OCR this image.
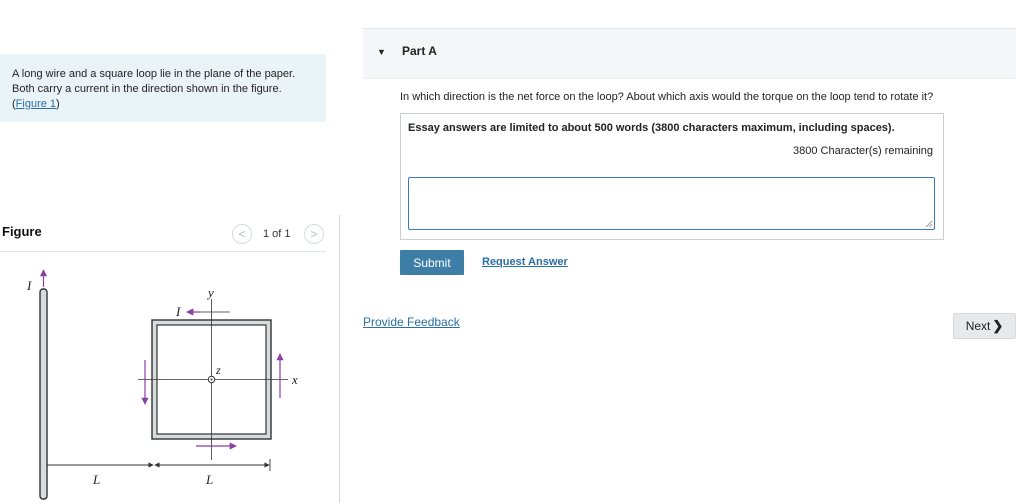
A long wire and a square loop lie in the plane of the paper. Both carry a current in the direction shown in the figure.(Figure 1)
Figure	<	1 of 1	>
I	y
z
x
I
L	L
▼ Part A
In which direction is the net force on the loop? About which axis would the torque on the loop tend to rotate it?
Essay answers are limited to about 500 words (3800 characters maximum, including spaces).
3800 Character(s) remaining
Submit	Request Answer
Provide Feedback	Next ❯
